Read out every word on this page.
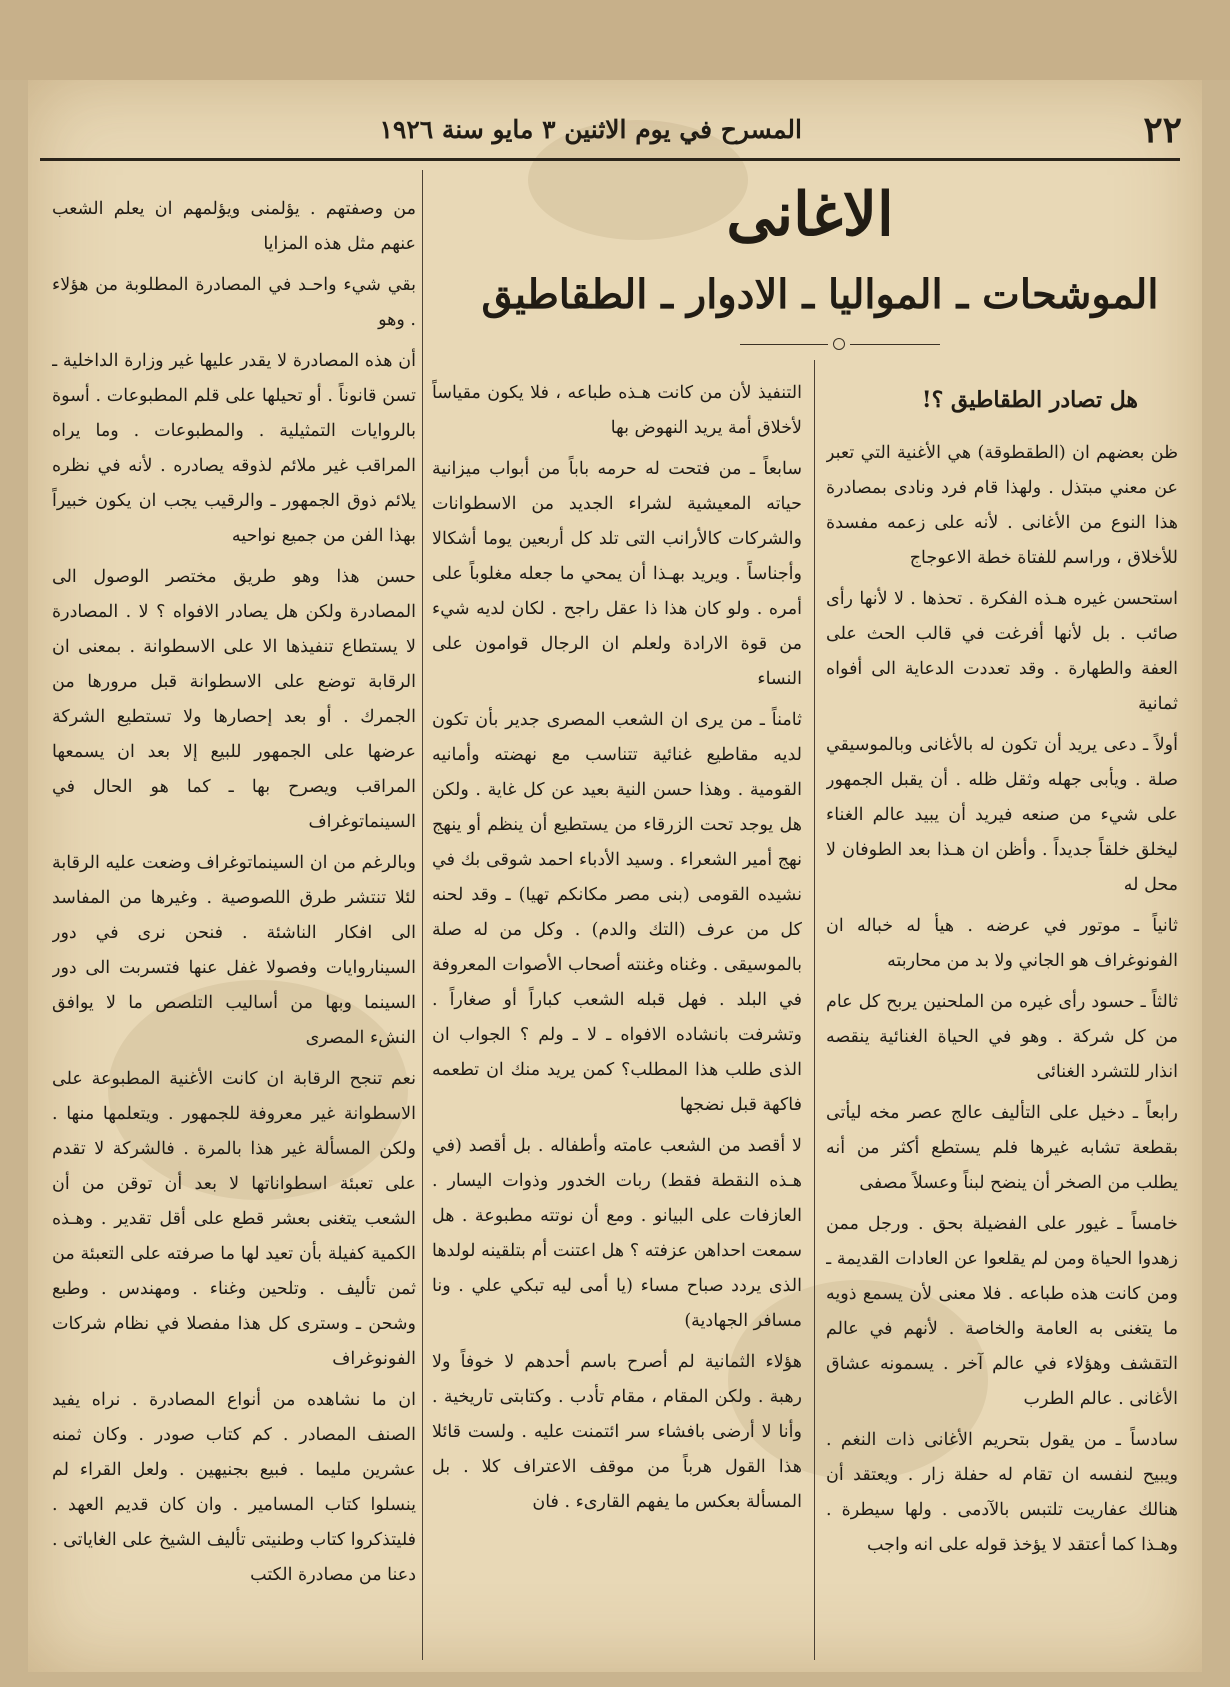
٢٢
المسرح في يوم الاثنين ٣ مايو سنة ١٩٢٦
الاغانى
الموشحات ـ المواليا ـ الادوار ـ الطقاطيق
هل تصادر الطقاطيق ؟!

ظن بعضهم ان (الطقطوقة) هي الأغنية التي تعبر عن معني مبتذل . ولهذا قام فرد ونادى بمصادرة هذا النوع من الأغانى . لأنه على زعمه مفسدة للأخلاق ، وراسم للفتاة خطة الاعوجاج

استحسن غيره هـذه الفكرة . تحذها . لا لأنها رأى صائب . بل لأنها أفرغت في قالب الحث على العفة والطهارة . وقد تعددت الدعاية الى أفواه ثمانية

أولاً ـ دعى يريد أن تكون له بالأغانى وبالموسيقي صلة . ويأبى جهله وثقل ظله . أن يقبل الجمهور على شيء من صنعه فيريد أن يبيد عالم الغناء ليخلق خلقاً جديداً . وأظن ان هـذا بعد الطوفان لا محل له

ثانياً ـ موتور في عرضه . هيأ له خباله ان الفونوغراف هو الجاني ولا بد من محاربته

ثالثاً ـ حسود رأى غيره من الملحنين يربح كل عام من كل شركة . وهو في الحياة الغنائية ينقصه انذار للتشرد الغنائى

رابعاً ـ دخيل على التأليف عالج عصر مخه ليأتى بقطعة تشابه غيرها فلم يستطع أكثر من أنه يطلب من الصخر أن ينضح لبناً وعسلاً مصفى

خامساً ـ غيور على الفضيلة بحق . ورجل ممن زهدوا الحياة ومن لم يقلعوا عن العادات القديمة ـ ومن كانت هذه طباعه . فلا معنى لأن يسمع ذويه ما يتغنى به العامة والخاصة . لأنهم في عالم التقشف وهؤلاء في عالم آخر . يسمونه عشاق الأغانى . عالم الطرب

سادساً ـ من يقول بتحريم الأغانى ذات النغم . ويبيح لنفسه ان تقام له حفلة زار . ويعتقد أن هنالك عفاريت تلتبس بالآدمى . ولها سيطرة . وهـذا كما أعتقد لا يؤخذ قوله على انه واجب

التنفيذ لأن من كانت هـذه طباعه ، فلا يكون مقياساً لأخلاق أمة يريد النهوض بها

سابعاً ـ من فتحت له حرمه باباً من أبواب ميزانية حياته المعيشية لشراء الجديد من الاسطوانات والشركات كالأرانب التى تلد كل أربعين يوما أشكالا وأجناساً . ويريد بهـذا أن يمحي ما جعله مغلوباً على أمره . ولو كان هذا ذا عقل راجح . لكان لديه شيء من قوة الارادة ولعلم ان الرجال قوامون على النساء

ثامناً ـ من يرى ان الشعب المصرى جدير بأن تكون لديه مقاطيع غنائية تتناسب مع نهضته وأمانيه القومية . وهذا حسن النية بعيد عن كل غاية . ولكن هل يوجد تحت الزرقاء من يستطيع أن ينظم أو ينهج نهج أمير الشعراء . وسيد الأدباء احمد شوقى بك في نشيده القومى (بنى مصر مكانكم تهيا) ـ وقد لحنه كل من عرف (التك والدم) . وكل من له صلة بالموسيقى . وغناه وغنته أصحاب الأصوات المعروفة في البلد . فهل قبله الشعب كباراً أو صغاراً . وتشرفت بانشاده الافواه ـ لا ـ ولم ؟ الجواب ان الذى طلب هذا المطلب؟ كمن يريد منك ان تطعمه فاكهة قبل نضجها

لا أقصد من الشعب عامته وأطفاله . بل أقصد (في هـذه النقطة فقط) ربات الخدور وذوات اليسار . العازفات على البيانو . ومع أن نوتته مطبوعة . هل سمعت احداهن عزفته ؟ هل اعتنت أم بتلقينه لولدها الذى يردد صباح مساء (يا أمى ليه تبكي علي . ونا مسافر الجهادية)

هؤلاء الثمانية لم أصرح باسم أحدهم لا خوفاً ولا رهبة . ولكن المقام ، مقام تأدب . وكتابتى تاريخية . وأنا لا أرضى بافشاء سر ائتمنت عليه . ولست قائلا هذا القول هرباً من موقف الاعتراف كلا . بل المسألة بعكس ما يفهم القارىء . فان

من وصفتهم . يؤلمنى ويؤلمهم ان يعلم الشعب عنهم مثل هذه المزايا

بقي شيء واحـد في المصادرة المطلوبة من هؤلاء . وهو

أن هذه المصادرة لا يقدر عليها غير وزارة الداخلية ـ تسن قانوناً . أو تحيلها على قلم المطبوعات . أسوة بالروايات التمثيلية . والمطبوعات . وما يراه المراقب غير ملائم لذوقه يصادره . لأنه في نظره يلائم ذوق الجمهور ـ والرقيب يجب ان يكون خبيراً بهذا الفن من جميع نواحيه

حسن هذا وهو طريق مختصر الوصول الى المصادرة ولكن هل يصادر الافواه ؟ لا . المصادرة لا يستطاع تنفيذها الا على الاسطوانة . بمعنى ان الرقابة توضع على الاسطوانة قبل مرورها من الجمرك . أو بعد إحصارها ولا تستطيع الشركة عرضها على الجمهور للبيع إلا بعد ان يسمعها المراقب ويصرح بها ـ كما هو الحال في السينماتوغراف

وبالرغم من ان السينماتوغراف وضعت عليه الرقابة لئلا تنتشر طرق اللصوصية . وغيرها من المفاسد الى افكار الناشئة . فنحن نرى في دور السيناروايات وفصولا غفل عنها فتسربت الى دور السينما وبها من أساليب التلصص ما لا يوافق النشء المصرى

نعم تنجح الرقابة ان كانت الأغنية المطبوعة على الاسطوانة غير معروفة للجمهور . ويتعلمها منها . ولكن المسألة غير هذا بالمرة . فالشركة لا تقدم على تعبئة اسطواناتها لا بعد أن توقن من أن الشعب يتغنى بعشر قطع على أقل تقدير . وهـذه الكمية كفيلة بأن تعيد لها ما صرفته على التعبئة من ثمن تأليف . وتلحين وغناء . ومهندس . وطبع وشحن ـ وسترى كل هذا مفصلا في نظام شركات الفونوغراف

ان ما نشاهده من أنواع المصادرة . نراه يفيد الصنف المصادر . كم كتاب صودر . وكان ثمنه عشرين مليما . فبيع بجنيهين . ولعل القراء لم ينسلوا كتاب المسامير . وان كان قديم العهد . فليتذكروا كتاب وطنيتى تأليف الشيخ على الغاياتى . دعنا من مصادرة الكتب
